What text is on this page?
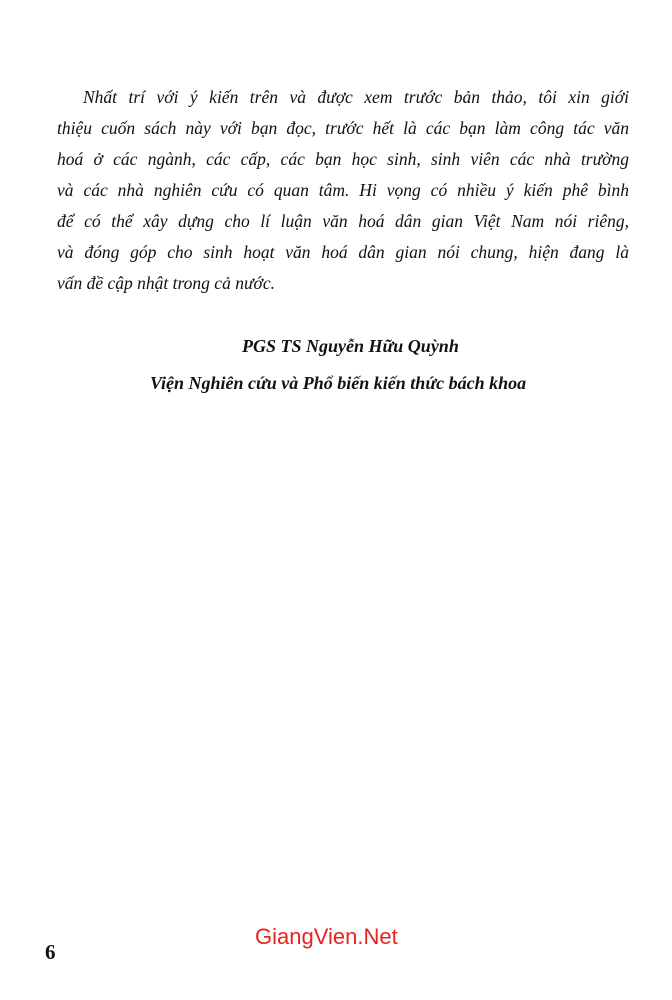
Nhất trí với ý kiến trên và được xem trước bản thảo, tôi xin giới
thiệu cuốn sách này với bạn đọc, trước hết là các bạn làm công tác văn
hoá ở các ngành, các cấp, các bạn học sinh, sinh viên các nhà trường
và các nhà nghiên cứu có quan tâm. Hi vọng có nhiều ý kiến phê bình
để có thể xây dựng cho lí luận văn hoá dân gian Việt Nam nói riêng,
và đóng góp cho sinh hoạt văn hoá dân gian nói chung, hiện đang là
vấn đề cập nhật trong cả nước.
PGS TS Nguyễn Hữu Quỳnh
Viện Nghiên cứu và Phổ biến kiến thức bách khoa
6
GiangVien.Net
